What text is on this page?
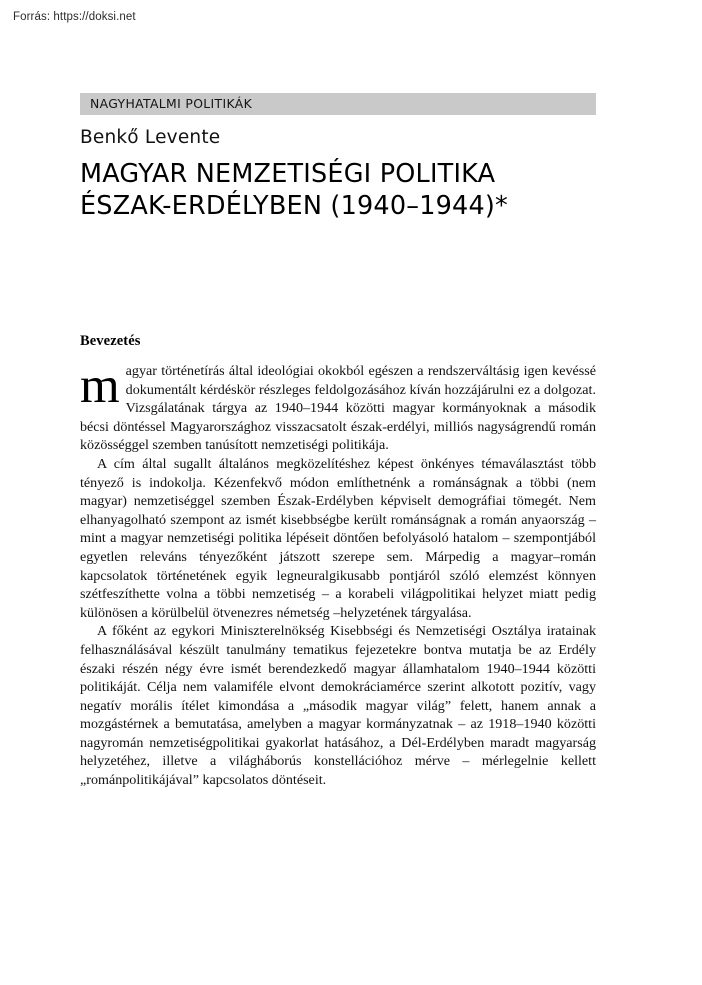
Forrás: https://doksi.net
NAGYHATALMI POLITIKÁK
Benkő Levente
MAGYAR NEMZETISÉGI POLITIKA
ÉSZAK-ERDÉLYBEN (1940–1944)*
Bevezetés

magyar történetírás által ideológiai okokból egészen a rendszerváltásig igen kevéssé dokumentált kérdéskör részleges feldolgozásához kíván hozzájárulni ez a dolgozat. Vizsgálatának tárgya az 1940–1944 közötti magyar kormányoknak a második bécsi döntéssel Magyarországhoz visszacsatolt észak-erdélyi, milliós nagyságrendű román közösséggel szemben tanúsított nemzetiségi politikája.

A cím által sugallt általános megközelítéshez képest önkényes témaválasztást több tényező is indokolja. Kézenfekvő módon említhetnénk a románságnak a többi (nem magyar) nemzetiséggel szemben Észak-Erdélyben képviselt demográfiai tömegét. Nem elhanyagolható szempont az ismét kisebbségbe került románságnak a román anyaország – mint a magyar nemzetiségi politika lépéseit döntően befolyásoló hatalom – szempontjából egyetlen releváns tényezőként játszott szerepe sem. Márpedig a magyar–román kapcsolatok történetének egyik legneuralgikusabb pontjáról szóló elemzést könnyen szétfeszíthette volna a többi nemzetiség – a korabeli világpolitikai helyzet miatt pedig különösen a körülbelül ötvenezres németség –helyzetének tárgyalása.

A főként az egykori Miniszterelnökség Kisebbségi és Nemzetiségi Osztálya iratainak felhasználásával készült tanulmány tematikus fejezetekre bontva mutatja be az Erdély északi részén négy évre ismét berendezkedő magyar államhatalom 1940–1944 közötti politikáját. Célja nem valamiféle elvont demokráciamérce szerint alkotott pozitív, vagy negatív morális ítélet kimondása a „második magyar világ” felett, hanem annak a mozgástérnek a bemutatása, amelyben a magyar kormányzatnak – az 1918–1940 közötti nagyromán nemzetiségpolitikai gyakorlat hatásához, a Dél-Erdélyben maradt magyarság helyzetéhez, illetve a világháborús konstellációhoz mérve – mérlegelnie kellett „románpolitikájával” kapcsolatos döntéseit.
